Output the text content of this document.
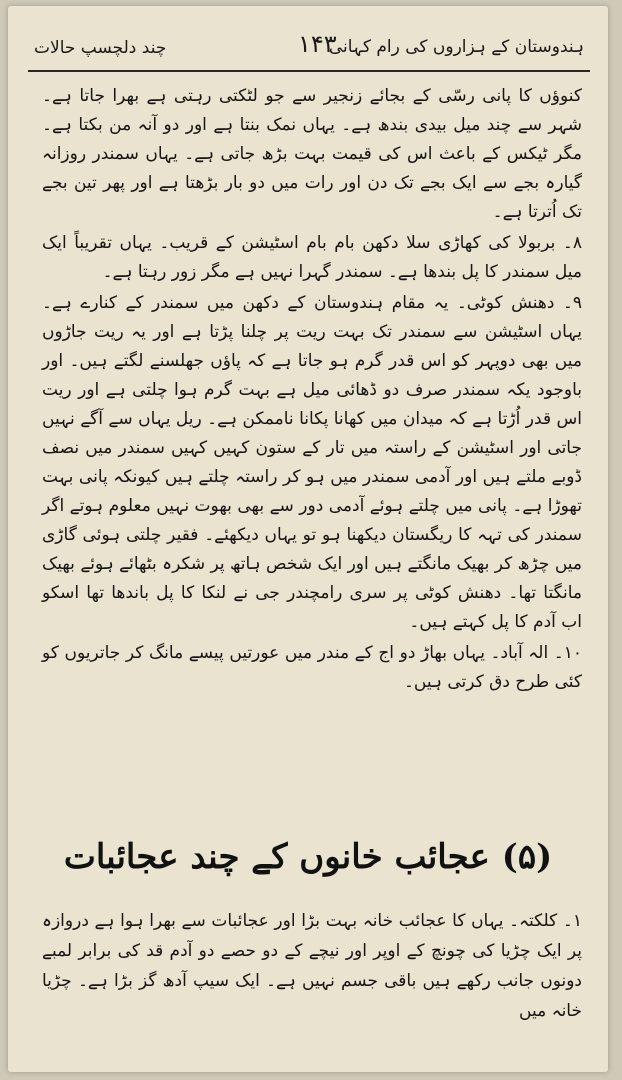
ہندوستان کے ہزاروں کی رام کہانی
۱۴۳
چند دلچسپ حالات

کنوؤں کا پانی رسّی کے بجائے زنجیر سے جو لٹکتی رہتی ہے بھرا جاتا ہے۔ شہر سے چند میل بیدی بندھ ہے۔ یہاں نمک بنتا ہے اور دو آنہ من بکتا ہے۔ مگر ٹیکس کے باعث اس کی قیمت بہت بڑھ جاتی ہے۔ یہاں سمندر روزانہ گیارہ بجے سے ایک بجے تک دن اور رات میں دو بار بڑھتا ہے اور پھر تین بجے تک اُترتا ہے۔

۸۔ بربولا کی کھاڑی سلا دکھن بام بام اسٹیشن کے قریب۔ یہاں تقریباً ایک میل سمندر کا پل بندھا ہے۔ سمندر گہرا نہیں ہے مگر زور رہتا ہے۔

۹۔ دھنش کوٹی۔ یہ مقام ہندوستان کے دکھن میں سمندر کے کنارے ہے۔ یہاں اسٹیشن سے سمندر تک بہت ریت پر چلنا پڑتا ہے اور یہ ریت جاڑوں میں بھی دوپہر کو اس قدر گرم ہو جاتا ہے کہ پاؤں جھلسنے لگتے ہیں۔ اور باوجود یکہ سمندر صرف دو ڈھائی میل ہے بہت گرم ہوا چلتی ہے اور ریت اس قدر اُڑتا ہے کہ میدان میں کھانا پکانا ناممکن ہے۔ ریل یہاں سے آگے نہیں جاتی اور اسٹیشن کے راستہ میں تار کے ستون کہیں کہیں سمندر میں نصف ڈوبے ملتے ہیں اور آدمی سمندر میں ہو کر راستہ چلتے ہیں کیونکہ پانی بہت تھوڑا ہے۔ پانی میں چلتے ہوئے آدمی دور سے بھی بھوت نہیں معلوم ہوتے اگر سمندر کی تہہ کا ریگستان دیکھنا ہو تو یہاں دیکھئے۔ فقیر چلتی ہوئی گاڑی میں چڑھ کر بھیک مانگتے ہیں اور ایک شخص ہاتھ پر شکرہ بٹھائے ہوئے بھیک مانگتا تھا۔ دھنش کوٹی پر سری رامچندر جی نے لنکا کا پل باندھا تھا اسکو اب آدم کا پل کہتے ہیں۔

۱۰۔ الہ آباد۔ یہاں بھاڑ دو اج کے مندر میں عورتیں پیسے مانگ کر جاتریوں کو کئی طرح دق کرتی ہیں۔

(۵) عجائب خانوں کے چند عجائبات

۱۔ کلکتہ۔ یہاں کا عجائب خانہ بہت بڑا اور عجائبات سے بھرا ہوا ہے دروازہ پر ایک چڑیا کی چونچ کے اوپر اور نیچے کے دو حصے دو آدم قد کی برابر لمبے دونوں جانب رکھے ہیں باقی جسم نہیں ہے۔ ایک سیپ آدھ گز بڑا ہے۔ چڑیا خانہ میں
